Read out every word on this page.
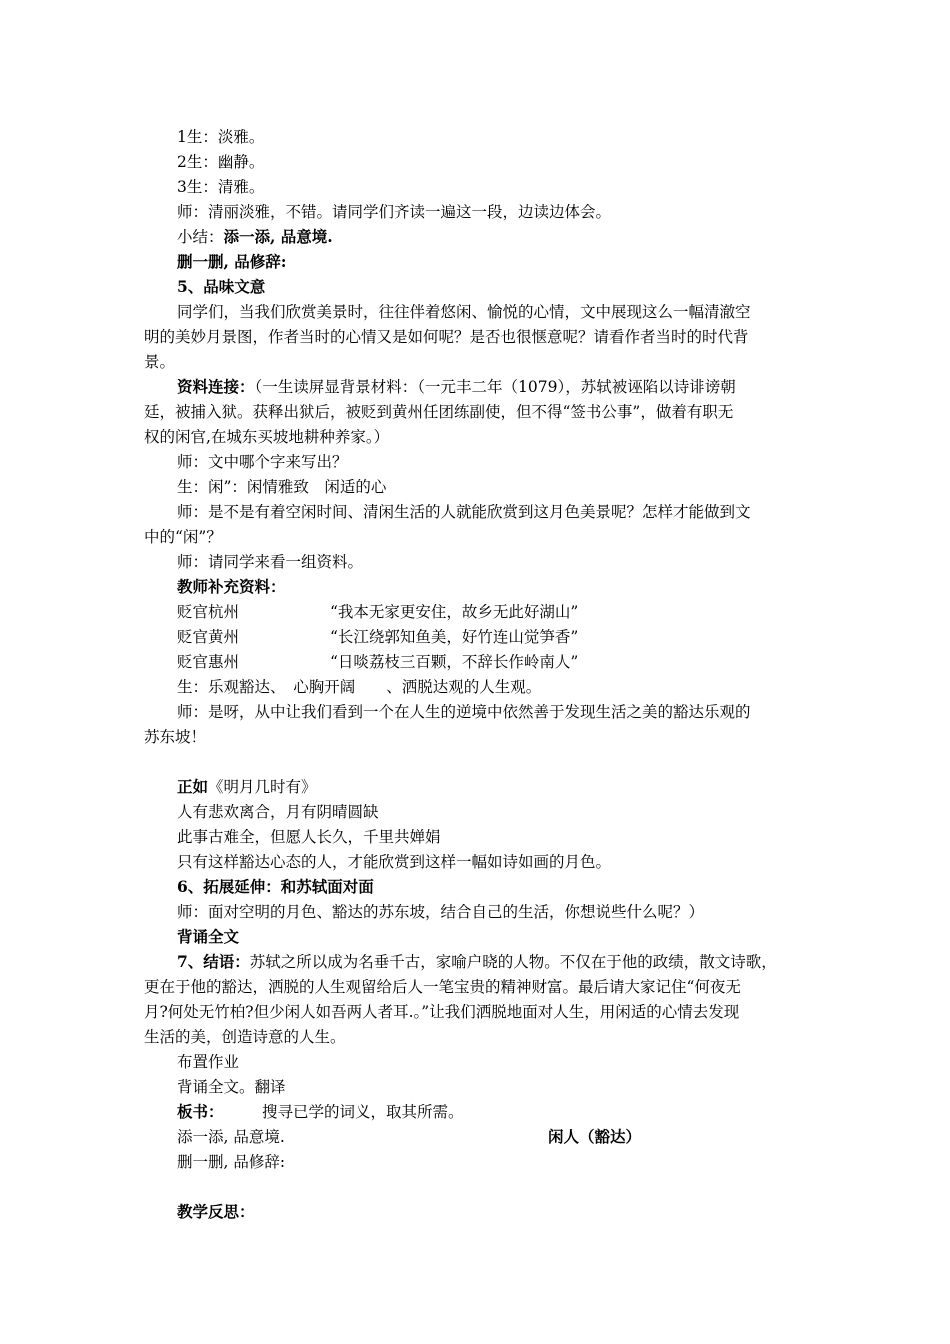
1生：淡雅。
2生：幽静。
3生：清雅。
师：清丽淡雅，不错。请同学们齐读一遍这一段，边读边体会。
小结：添一添, 品意境.
删一删, 品修辞:
5、品味文意
同学们，当我们欣赏美景时，往往伴着悠闲、愉悦的心情，文中展现这么一幅清澈空
明的美妙月景图，作者当时的心情又是如何呢？是否也很惬意呢？请看作者当时的时代背
景。
资料连接：（一生读屏显背景材料：（一元丰二年（1079），苏轼被诬陷以诗诽谤朝
廷，被捕入狱。获释出狱后，被贬到黄州任团练副使，但不得“签书公事”，做着有职无
权的闲官,在城东买坡地耕种养家。）
师：文中哪个字来写出？
生：闲”：闲情雅致　闲适的心
师：是不是有着空闲时间、清闲生活的人就能欣赏到这月色美景呢？怎样才能做到文
中的“闲”？
师：请同学来看一组资料。
教师补充资料：
贬官杭州	“我本无家更安住，故乡无此好湖山”
贬官黄州	“长江绕郭知鱼美，好竹连山觉笋香”
贬官惠州	“日啖荔枝三百颗，不辞长作岭南人”
生：乐观豁达、　心胸开阔　　、洒脱达观的人生观。
师：是呀，从中让我们看到一个在人生的逆境中依然善于发现生活之美的豁达乐观的
苏东坡！
正如《明月几时有》
人有悲欢离合，月有阴晴圆缺
此事古难全，但愿人长久，千里共婵娟
只有这样豁达心态的人，才能欣赏到这样一幅如诗如画的月色。
6、拓展延伸：和苏轼面对面
师：面对空明的月色、豁达的苏东坡，结合自己的生活，你想说些什么呢？）
背诵全文
7、结语：苏轼之所以成为名垂千古，家喻户晓的人物。不仅在于他的政绩，散文诗歌，
更在于他的豁达，洒脱的人生观留给后人一笔宝贵的精神财富。最后请大家记住“何夜无
月?何处无竹柏?但少闲人如吾两人者耳.。”让我们洒脱地面对人生，用闲适的心情去发现
生活的美，创造诗意的人生。
布置作业
背诵全文。翻译
板书： 搜寻已学的词义，取其所需。
添一添, 品意境.	闲人（豁达）
删一删, 品修辞:
教学反思：
